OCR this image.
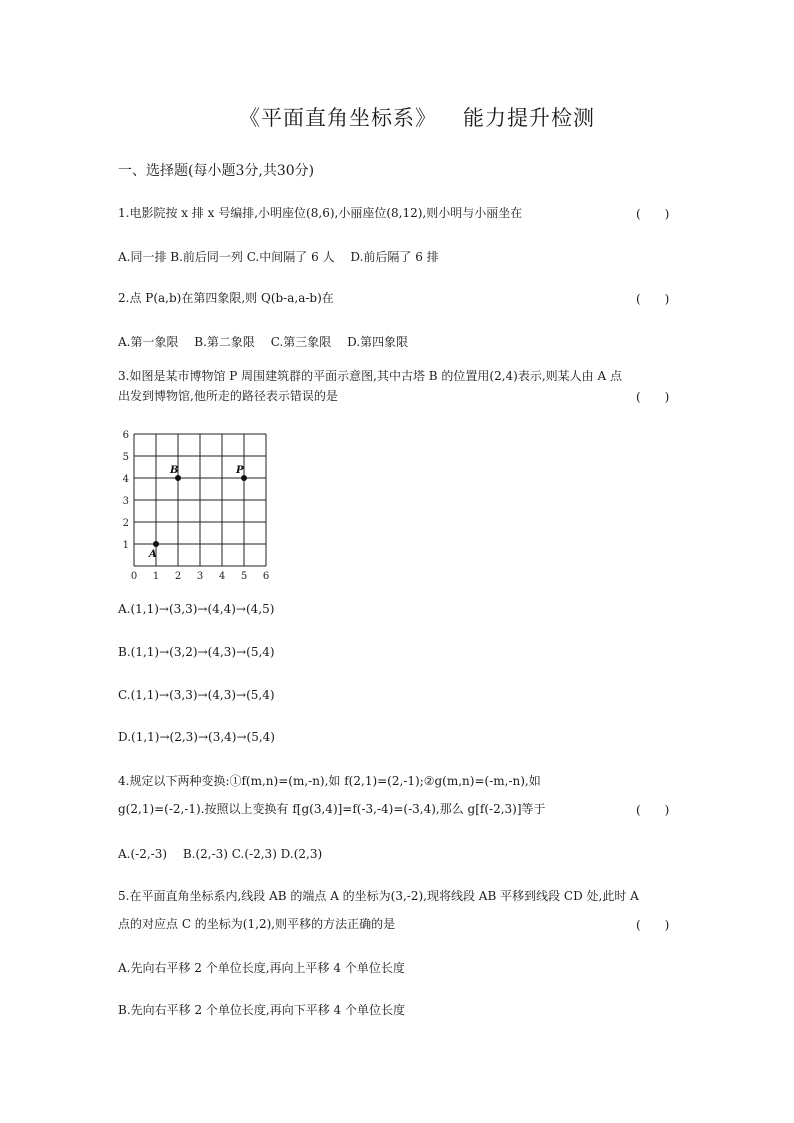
《平面直角坐标系》 能力提升检测
一、选择题(每小题3分,共30分)
1.电影院按 x 排 x 号编排,小明座位(8,6),小丽座位(8,12),则小明与小丽坐在	(　　)
A.同一排 B.前后同一列 C.中间隔了 6 人　 D.前后隔了 6 排
2.点 P(a,b)在第四象限,则 Q(b-a,a-b)在	(　　)
A.第一象限　 B.第二象限　 C.第三象限　 D.第四象限
3.如图是某市博物馆 P 周围建筑群的平面示意图,其中古塔 B 的位置用(2,4)表示,则某人由 A 点
出发到博物馆,他所走的路径表示错误的是	(　　)
0 1 2 3 4 5 6
1
2
3
4
5
6
A
B	P
A.(1,1)→(3,3)→(4,4)→(4,5)
B.(1,1)→(3,2)→(4,3)→(5,4)
C.(1,1)→(3,3)→(4,3)→(5,4)
D.(1,1)→(2,3)→(3,4)→(5,4)
4.规定以下两种变换:①f(m,n)=(m,-n),如 f(2,1)=(2,-1);②g(m,n)=(-m,-n),如
g(2,1)=(-2,-1).按照以上变换有 f[g(3,4)]=f(-3,-4)=(-3,4),那么 g[f(-2,3)]等于	(　　)
A.(-2,-3)　 B.(2,-3) C.(-2,3) D.(2,3)
5.在平面直角坐标系内,线段 AB 的端点 A 的坐标为(3,-2),现将线段 AB 平移到线段 CD 处,此时 A
点的对应点 C 的坐标为(1,2),则平移的方法正确的是	(　　)
A.先向右平移 2 个单位长度,再向上平移 4 个单位长度
B.先向右平移 2 个单位长度,再向下平移 4 个单位长度
